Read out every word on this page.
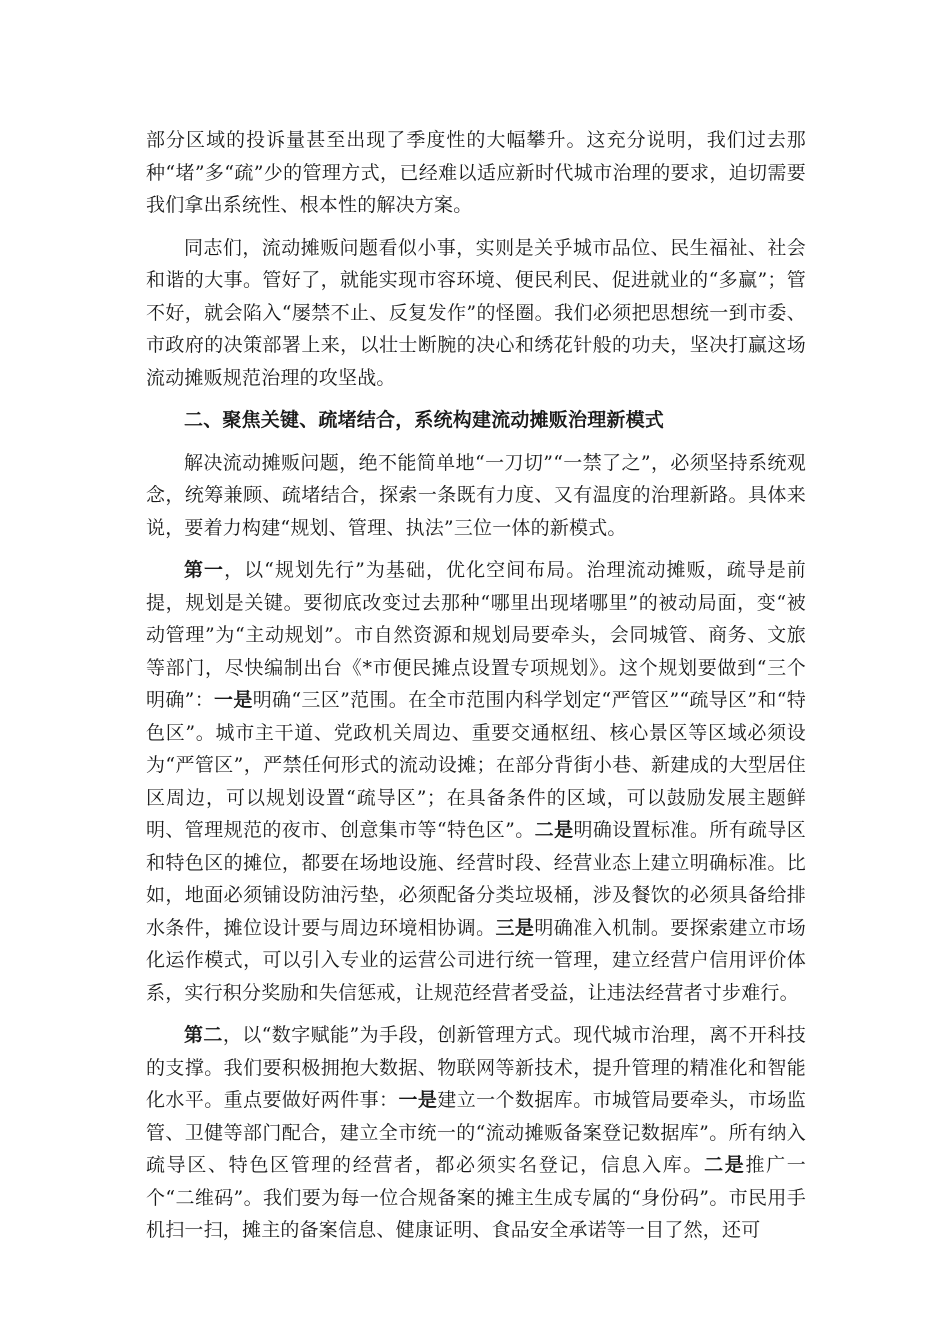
部分区域的投诉量甚至出现了季度性的大幅攀升。这充分说明，我们过去那种“堵”多“疏”少的管理方式，已经难以适应新时代城市治理的要求，迫切需要我们拿出系统性、根本性的解决方案。

同志们，流动摊贩问题看似小事，实则是关乎城市品位、民生福祉、社会和谐的大事。管好了，就能实现市容环境、便民利民、促进就业的“多赢”；管不好，就会陷入“屡禁不止、反复发作”的怪圈。我们必须把思想统一到市委、市政府的决策部署上来，以壮士断腕的决心和绣花针般的功夫，坚决打赢这场流动摊贩规范治理的攻坚战。

二、聚焦关键、疏堵结合，系统构建流动摊贩治理新模式

解决流动摊贩问题，绝不能简单地“一刀切”“一禁了之”，必须坚持系统观念，统筹兼顾、疏堵结合，探索一条既有力度、又有温度的治理新路。具体来说，要着力构建“规划、管理、执法”三位一体的新模式。

第一，以“规划先行”为基础，优化空间布局。治理流动摊贩，疏导是前提，规划是关键。要彻底改变过去那种“哪里出现堵哪里”的被动局面，变“被动管理”为“主动规划”。市自然资源和规划局要牵头，会同城管、商务、文旅等部门，尽快编制出台《*市便民摊点设置专项规划》。这个规划要做到“三个明确”：一是明确“三区”范围。在全市范围内科学划定“严管区”“疏导区”和“特色区”。城市主干道、党政机关周边、重要交通枢纽、核心景区等区域必须设为“严管区”，严禁任何形式的流动设摊；在部分背街小巷、新建成的大型居住区周边，可以规划设置“疏导区”；在具备条件的区域，可以鼓励发展主题鲜明、管理规范的夜市、创意集市等“特色区”。二是明确设置标准。所有疏导区和特色区的摊位，都要在场地设施、经营时段、经营业态上建立明确标准。比如，地面必须铺设防油污垫，必须配备分类垃圾桶，涉及餐饮的必须具备给排水条件，摊位设计要与周边环境相协调。三是明确准入机制。要探索建立市场化运作模式，可以引入专业的运营公司进行统一管理，建立经营户信用评价体系，实行积分奖励和失信惩戒，让规范经营者受益，让违法经营者寸步难行。

第二，以“数字赋能”为手段，创新管理方式。现代城市治理，离不开科技的支撑。我们要积极拥抱大数据、物联网等新技术，提升管理的精准化和智能化水平。重点要做好两件事：一是建立一个数据库。市城管局要牵头，市场监管、卫健等部门配合，建立全市统一的“流动摊贩备案登记数据库”。所有纳入疏导区、特色区管理的经营者，都必须实名登记，信息入库。二是推广一个“二维码”。我们要为每一位合规备案的摊主生成专属的“身份码”。市民用手机扫一扫，摊主的备案信息、健康证明、食品安全承诺等一目了然，还可
